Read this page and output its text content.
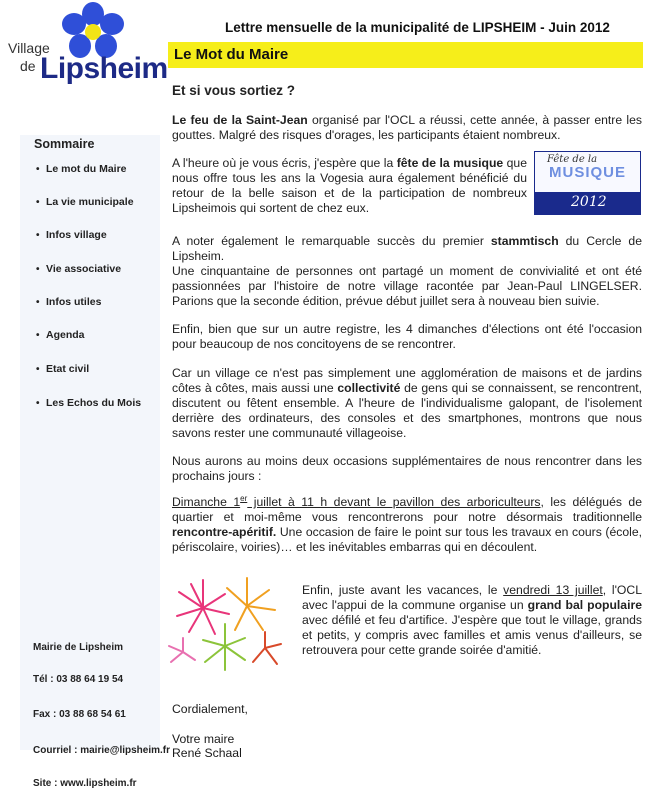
Village
de Lipsheim
Lettre mensuelle de la municipalité de LIPSHEIM - Juin 2012
Le Mot du Maire
Et si vous sortiez ?
Sommaire
• Le mot du Maire
• La vie municipale
• Infos village
• Vie associative
• Infos utiles
• Agenda
• Etat civil
• Les Echos du Mois
Mairie de Lipsheim
Tél : 03 88 64 19 54
Fax : 03 88 68 54 61
Courriel : mairie@lipsheim.fr
Site : www.lipsheim.fr
Fête de la
MUSIQUE
2012

Le feu de la Saint-Jean organisé par l'OCL a réussi, cette année, à passer entre les gouttes. Malgré des risques d'orages, les participants étaient nombreux.

A l'heure où je vous écris, j'espère que la fête de la musique que nous offre tous les ans la Vogesia aura également bénéficié du retour de la belle saison et de la participation de nombreux Lipsheimois qui sortent de chez eux.

A noter également le remarquable succès du premier stammtisch du Cercle de Lipsheim.
Une cinquantaine de personnes ont partagé un moment de convivialité et ont été passionnées par l'histoire de notre village racontée par Jean-Paul LINGELSER. Parions que la seconde édition, prévue début juillet sera à nouveau bien suivie.

Enfin, bien que sur un autre registre, les 4 dimanches d'élections ont été l'occasion pour beaucoup de nos concitoyens de se rencontrer.

Car un village ce n'est pas simplement une agglomération de maisons et de jardins côtes à côtes, mais aussi une collectivité de gens qui se connaissent, se rencontrent, discutent ou fêtent ensemble. A l'heure de l'individualisme galopant, de l'isolement derrière des ordinateurs, des consoles et des smartphones, montrons que nous savons rester une communauté villageoise.

Nous aurons au moins deux occasions supplémentaires de nous rencontrer dans les prochains jours :

Dimanche 1er juillet à 11 h devant le pavillon des arboriculteurs, les délégués de quartier et moi-même vous rencontrerons pour notre désormais traditionnelle rencontre-apéritif. Une occasion de faire le point sur tous les travaux en cours (école, périscolaire, voiries)… et les inévitables embarras qui en découlent.

Enfin, juste avant les vacances, le vendredi 13 juillet, l'OCL avec l'appui de la commune organise un grand bal populaire avec défilé et feu d'artifice. J'espère que tout le village, grands et petits, y compris avec familles et amis venus d'ailleurs, se retrouvera pour cette grande soirée d'amitié.

Cordialement,
Votre maire
René Schaal
